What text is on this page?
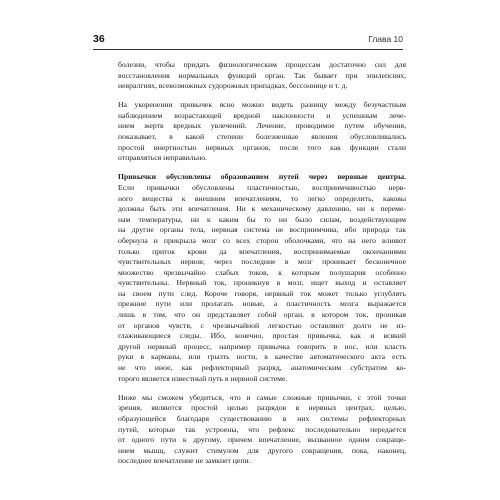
36	Глава 10
болезни, чтобы придать физиологическим процессам достаточно сил для
восстановления нормальных функций орган. Так бывает при эпилепсиях,
невралгиях, всевозможных судорожных припадках, бессоннице и т. д.
На укоренении привычек ясно можно видеть разницу между безучастным
наблюдением возрастающей вредной наклонности и успешным лече-
нием жертв вредных увлечений. Лечение, проводимое путем обучения,
показывает, в какой степени болезненные явления обусловливались
простой инертностью нервных органов, после того как функции стали
отправляться неправильно.
Привычки обусловлены образованием путей через нервные центры.
Если привычки обусловлены пластичностью, восприимчивостью нерв-
ного вещества к внешним впечатлениям, то легко определить, каковы
должны быть эти впечатления. Ни к механическому давлению, ни к переме-
нам температуры, ни к каким бы то ни было силам, воздействующим
на другие органы тела, нервная система не восприимчива, ибо природа так
обернула и прикрыла мозг со всех сторон оболочками, что на него влияют
только приток крови да впечатления, воспринимаемые окончаниями
чувствительных нервов; через последние в мозг проникает бесконечное
множество чрезвычайно слабых токов, к которым полушария особенно
чувствительны. Нервный ток, проникнув в мозг, ищет выход и оставляет
на своем пути след. Короче говоря, нервный ток может только углублять
прежние пути или пролагать новые, а пластичность мозга выражается
лишь в том, что он представляет собой орган, в котором ток, проникая
от органов чувств, с чрезвычайной легкостью оставляют долго не из-
глаживающиеся следы. Ибо, конечно, простая привычка, как и всякий
другой нервный процесс, например привычка говорить в нос, или класть
руки в карманы, или грызть ногти, в качестве автоматического акта есть
не что иное, как рефлекторный разряд, анатомическим субстратом ко-
торого является известный путь в нервной системе.
Ниже мы сможем убедиться, что и самые сложные привычки, с этой точки
зрения, являются простой целью разрядов в нервных центрах, целью,
образующейся благодаря существованию в них системы рефлекторных
путей, которые так устроены, что рефлекс последовательно передается
от одного пути к другому, причем впечатление, вызванное одним сокраще-
нием мышц, служит стимулом для другого сокращения, пока, наконец,
последнее впечатление не замкнет цепи.
